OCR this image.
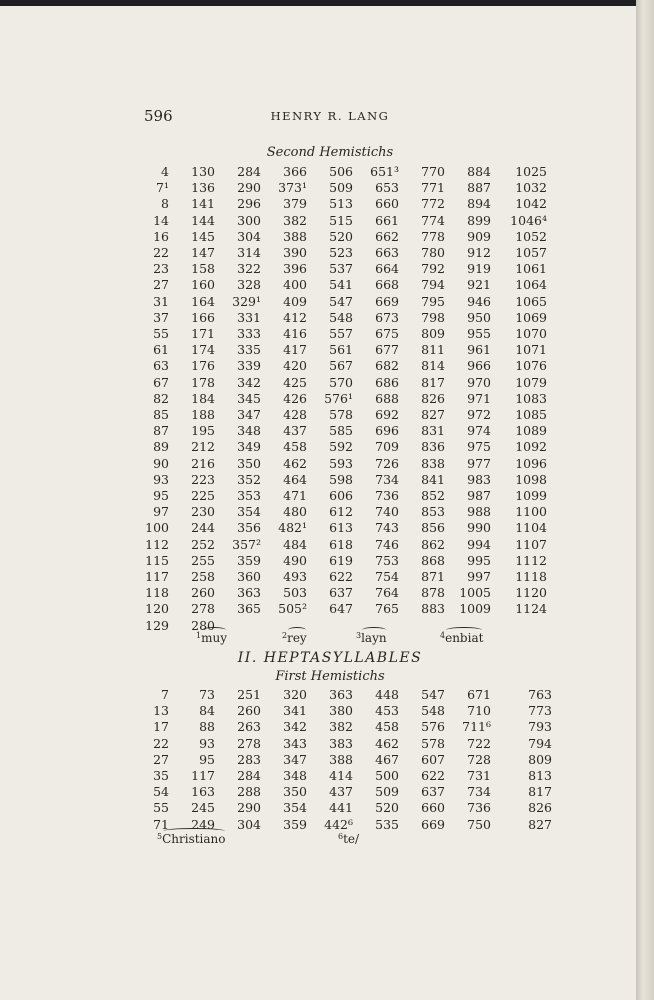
596	HENRY R. LANG
Second Hemistichs
4	130	284	366	506	651³	770	884	1025
7¹	136	290	373¹	509	653	771	887	1032
8	141	296	379	513	660	772	894	1042
14	144	300	382	515	661	774	899	1046⁴
16	145	304	388	520	662	778	909	1052
22	147	314	390	523	663	780	912	1057
23	158	322	396	537	664	792	919	1061
27	160	328	400	541	668	794	921	1064
31	164	329¹	409	547	669	795	946	1065
37	166	331	412	548	673	798	950	1069
55	171	333	416	557	675	809	955	1070
61	174	335	417	561	677	811	961	1071
63	176	339	420	567	682	814	966	1076
67	178	342	425	570	686	817	970	1079
82	184	345	426	576¹	688	826	971	1083
85	188	347	428	578	692	827	972	1085
87	195	348	437	585	696	831	974	1089
89	212	349	458	592	709	836	975	1092
90	216	350	462	593	726	838	977	1096
93	223	352	464	598	734	841	983	1098
95	225	353	471	606	736	852	987	1099
97	230	354	480	612	740	853	988	1100
100	244	356	482¹	613	743	856	990	1104
112	252	357²	484	618	746	862	994	1107
115	255	359	490	619	753	868	995	1112
117	258	360	493	622	754	871	997	1118
118	260	363	503	637	764	878	1005	1120
120	278	365	505²	647	765	883	1009	1124
129	280							
$^1$muy	$^2$rey	$^3$layn	$^4$enbiat
II. HEPTASYLLABLES
First Hemistichs
7	73	251	320	363	448	547	671	763
13	84	260	341	380	453	548	710	773
17	88	263	342	382	458	576	711⁶	793
22	93	278	343	383	462	578	722	794
27	95	283	347	388	467	607	728	809
35	117	284	348	414	500	622	731	813
54	163	288	350	437	509	637	734	817
55	245	290	354	441	520	660	736	826
71	249	304	359	442⁶	535	669	750	827
$^5$Christiano	$^6$te/
